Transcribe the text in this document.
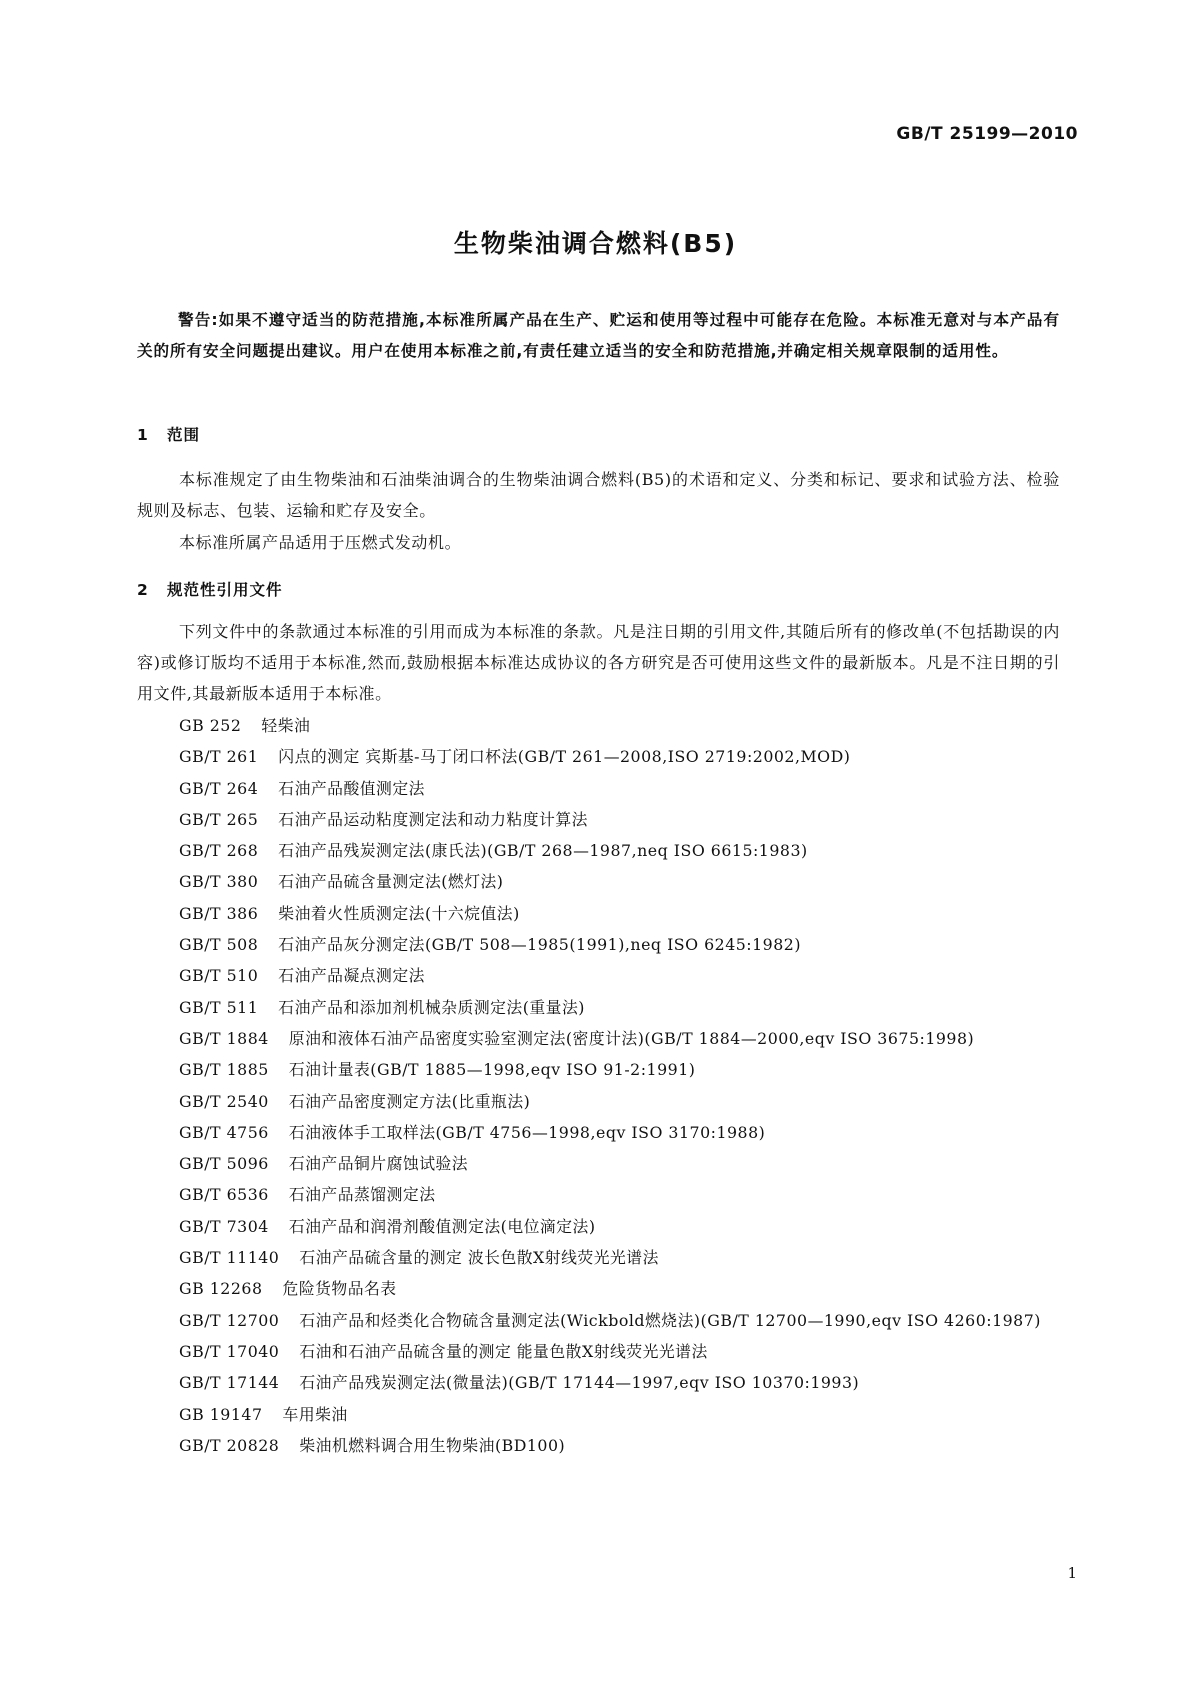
GB/T 25199—2010
生物柴油调合燃料(B5)
警告:如果不遵守适当的防范措施,本标准所属产品在生产、贮运和使用等过程中可能存在危险。本标准无意对与本产品有关的所有安全问题提出建议。用户在使用本标准之前,有责任建立适当的安全和防范措施,并确定相关规章限制的适用性。
1 范围
本标准规定了由生物柴油和石油柴油调合的生物柴油调合燃料(B5)的术语和定义、分类和标记、要求和试验方法、检验规则及标志、包装、运输和贮存及安全。
本标准所属产品适用于压燃式发动机。
2 规范性引用文件
下列文件中的条款通过本标准的引用而成为本标准的条款。凡是注日期的引用文件,其随后所有的修改单(不包括勘误的内容)或修订版均不适用于本标准,然而,鼓励根据本标准达成协议的各方研究是否可使用这些文件的最新版本。凡是不注日期的引用文件,其最新版本适用于本标准。
GB 252 轻柴油
GB/T 261 闪点的测定 宾斯基-马丁闭口杯法(GB/T 261—2008,ISO 2719:2002,MOD)
GB/T 264 石油产品酸值测定法
GB/T 265 石油产品运动粘度测定法和动力粘度计算法
GB/T 268 石油产品残炭测定法(康氏法)(GB/T 268—1987,neq ISO 6615:1983)
GB/T 380 石油产品硫含量测定法(燃灯法)
GB/T 386 柴油着火性质测定法(十六烷值法)
GB/T 508 石油产品灰分测定法(GB/T 508—1985(1991),neq ISO 6245:1982)
GB/T 510 石油产品凝点测定法
GB/T 511 石油产品和添加剂机械杂质测定法(重量法)
GB/T 1884 原油和液体石油产品密度实验室测定法(密度计法)(GB/T 1884—2000,eqv ISO 3675:1998)
GB/T 1885 石油计量表(GB/T 1885—1998,eqv ISO 91-2:1991)
GB/T 2540 石油产品密度测定方法(比重瓶法)
GB/T 4756 石油液体手工取样法(GB/T 4756—1998,eqv ISO 3170:1988)
GB/T 5096 石油产品铜片腐蚀试验法
GB/T 6536 石油产品蒸馏测定法
GB/T 7304 石油产品和润滑剂酸值测定法(电位滴定法)
GB/T 11140 石油产品硫含量的测定 波长色散X射线荧光光谱法
GB 12268 危险货物品名表
GB/T 12700 石油产品和烃类化合物硫含量测定法(Wickbold燃烧法)(GB/T 12700—1990,eqv ISO 4260:1987)
GB/T 17040 石油和石油产品硫含量的测定 能量色散X射线荧光光谱法
GB/T 17144 石油产品残炭测定法(微量法)(GB/T 17144—1997,eqv ISO 10370:1993)
GB 19147 车用柴油
GB/T 20828 柴油机燃料调合用生物柴油(BD100)
1
